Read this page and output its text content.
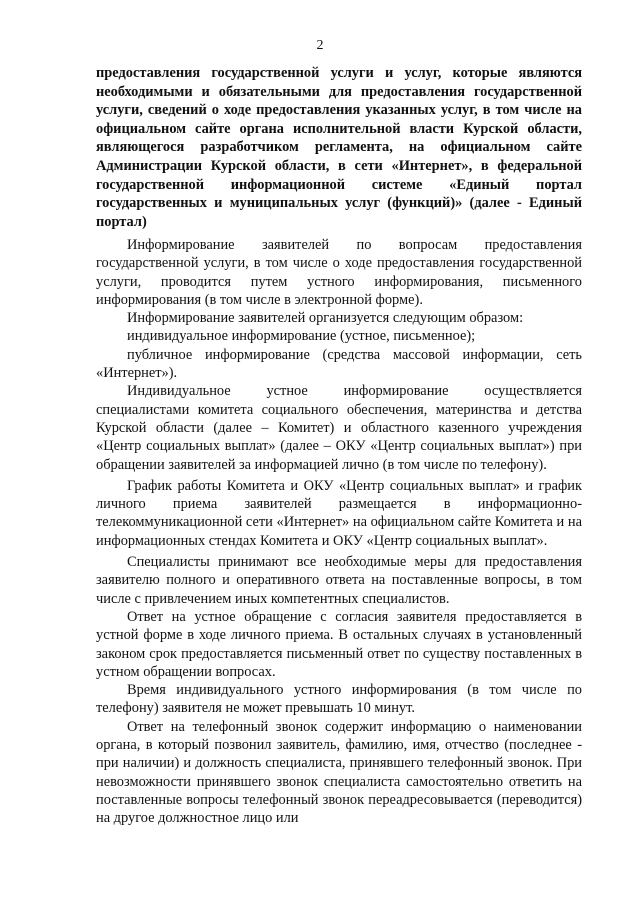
2
предоставления государственной услуги и услуг, которые являются необходимыми и обязательными для предоставления государственной услуги, сведений о ходе предоставления указанных услуг, в том числе на официальном сайте органа исполнительной власти Курской области, являющегося разработчиком регламента, на официальном сайте Администрации Курской области, в сети «Интернет», в федеральной государственной информационной системе «Единый портал государственных и муниципальных услуг (функций)» (далее - Единый портал)

Информирование заявителей по вопросам предоставления государственной услуги, в том числе о ходе предоставления государственной услуги, проводится путем устного информирования, письменного информирования (в том числе в электронной форме).

Информирование заявителей организуется следующим образом:

индивидуальное информирование (устное, письменное);

публичное информирование (средства массовой информации, сеть «Интернет»).

Индивидуальное устное информирование осуществляется специалистами комитета социального обеспечения, материнства и детства Курской области (далее – Комитет) и областного казенного учреждения «Центр социальных выплат» (далее – ОКУ «Центр социальных выплат») при обращении заявителей за информацией лично (в том числе по телефону).

График работы Комитета и ОКУ «Центр социальных выплат» и график личного приема заявителей размещается в информационно-телекоммуникационной сети «Интернет» на официальном сайте Комитета и на информационных стендах Комитета и ОКУ «Центр социальных выплат».

Специалисты принимают все необходимые меры для предоставления заявителю полного и оперативного ответа на поставленные вопросы, в том числе с привлечением иных компетентных специалистов.

Ответ на устное обращение с согласия заявителя предоставляется в устной форме в ходе личного приема. В остальных случаях в установленный законом срок предоставляется письменный ответ по существу поставленных в устном обращении вопросах.

Время индивидуального устного информирования (в том числе по телефону) заявителя не может превышать 10 минут.

Ответ на телефонный звонок содержит информацию о наименовании органа, в который позвонил заявитель, фамилию, имя, отчество (последнее - при наличии) и должность специалиста, принявшего телефонный звонок. При невозможности принявшего звонок специалиста самостоятельно ответить на поставленные вопросы телефонный звонок переадресовывается (переводится) на другое должностное лицо или
